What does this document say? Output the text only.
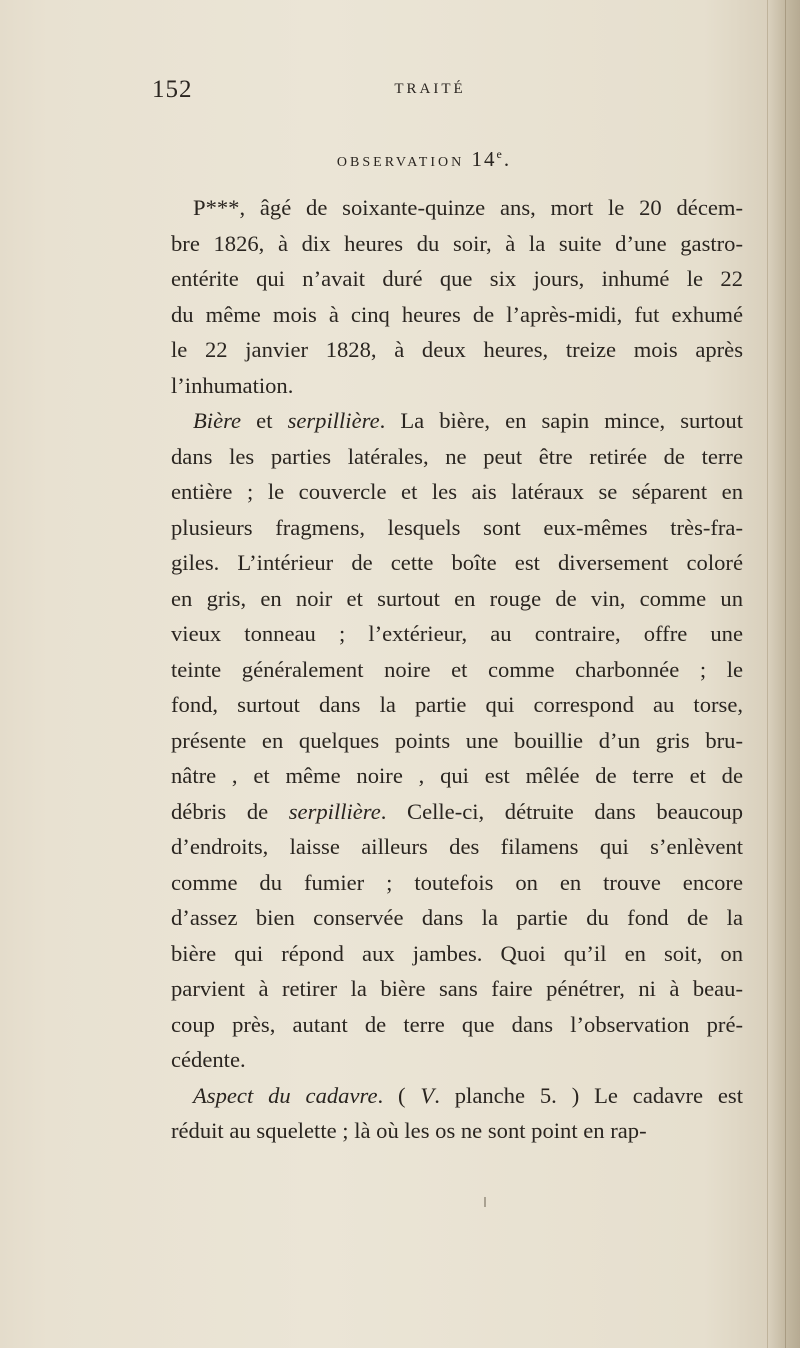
152	TRAITÉ
OBSERVATION 14e.
P***, âgé de soixante-quinze ans, mort le 20 décem-
bre 1826, à dix heures du soir, à la suite d’une gastro-
entérite qui n’avait duré que six jours, inhumé le 22
du même mois à cinq heures de l’après-midi, fut exhumé
le 22 janvier 1828, à deux heures, treize mois après
l’inhumation.
Bière et serpillière. La bière, en sapin mince, surtout
dans les parties latérales, ne peut être retirée de terre
entière ; le couvercle et les ais latéraux se séparent en
plusieurs fragmens, lesquels sont eux-mêmes très-fra-
giles. L’intérieur de cette boîte est diversement coloré
en gris, en noir et surtout en rouge de vin, comme un
vieux tonneau ; l’extérieur, au contraire, offre une
teinte généralement noire et comme charbonnée ; le
fond, surtout dans la partie qui correspond au torse,
présente en quelques points une bouillie d’un gris bru-
nâtre , et même noire , qui est mêlée de terre et de
débris de serpillière. Celle-ci, détruite dans beaucoup
d’endroits, laisse ailleurs des filamens qui s’enlèvent
comme du fumier ; toutefois on en trouve encore
d’assez bien conservée dans la partie du fond de la
bière qui répond aux jambes. Quoi qu’il en soit, on
parvient à retirer la bière sans faire pénétrer, ni à beau-
coup près, autant de terre que dans l’observation pré-
cédente.
Aspect du cadavre. ( V. planche 5. ) Le cadavre est
réduit au squelette ; là où les os ne sont point en rap-
